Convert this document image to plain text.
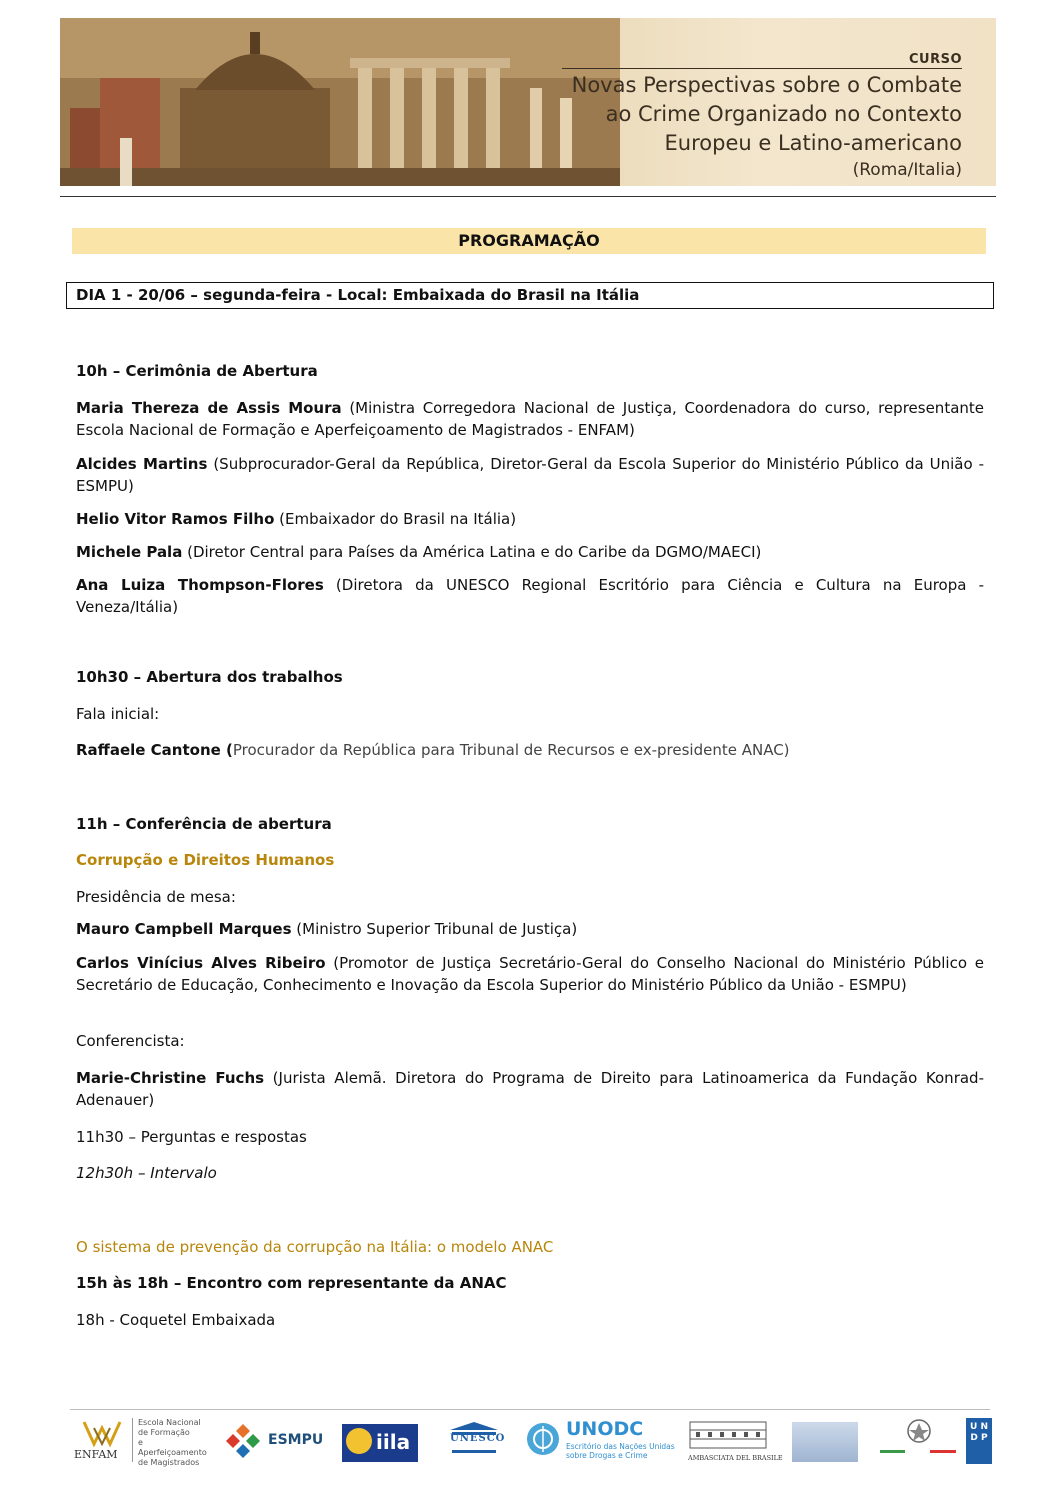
CURSO
Novas Perspectivas sobre o Combate
ao Crime Organizado no Contexto
Europeu e Latino-americano
(Roma/Italia)
PROGRAMAÇÃO
DIA 1 - 20/06 – segunda-feira - Local: Embaixada do Brasil na Itália
10h – Cerimônia de Abertura
Maria Thereza de Assis Moura (Ministra Corregedora Nacional de Justiça, Coordenadora do curso, representante Escola Nacional de Formação e Aperfeiçoamento de Magistrados - ENFAM)
Alcides Martins (Subprocurador-Geral da República, Diretor-Geral da Escola Superior do Ministério Público da União - ESMPU)
Helio Vitor Ramos Filho (Embaixador do Brasil na Itália)
Michele Pala (Diretor Central para Países da América Latina e do Caribe da DGMO/MAECI)
Ana Luiza Thompson-Flores (Diretora da UNESCO Regional Escritório para Ciência e Cultura na Europa - Veneza/Itália)
10h30 – Abertura dos trabalhos
Fala inicial:
Raffaele Cantone (Procurador da República para Tribunal de Recursos e ex-presidente ANAC)
11h – Conferência de abertura
Corrupção e Direitos Humanos
Presidência de mesa:
Mauro Campbell Marques (Ministro Superior Tribunal de Justiça)
Carlos Vinícius Alves Ribeiro (Promotor de Justiça Secretário-Geral do Conselho Nacional do Ministério Público e Secretário de Educação, Conhecimento e Inovação da Escola Superior do Ministério Público da União - ESMPU)
Conferencista:
Marie-Christine Fuchs (Jurista Alemã. Diretora do Programa de Direito para Latinoamerica da Fundação Konrad-Adenauer)
11h30 – Perguntas e respostas
12h30h – Intervalo
O sistema de prevenção da corrupção na Itália: o modelo ANAC
15h às 18h – Encontro com representante da ANAC
18h - Coquetel Embaixada
ENFAM
Escola Nacional
de Formação
e Aperfeiçoamento
de Magistrados
ESMPU	iila	UNESCO	UNODC
Escritório das Nações Unidas
sobre Drogas e Crime	AMBASCIATA DEL BRASILE
U N
D P
